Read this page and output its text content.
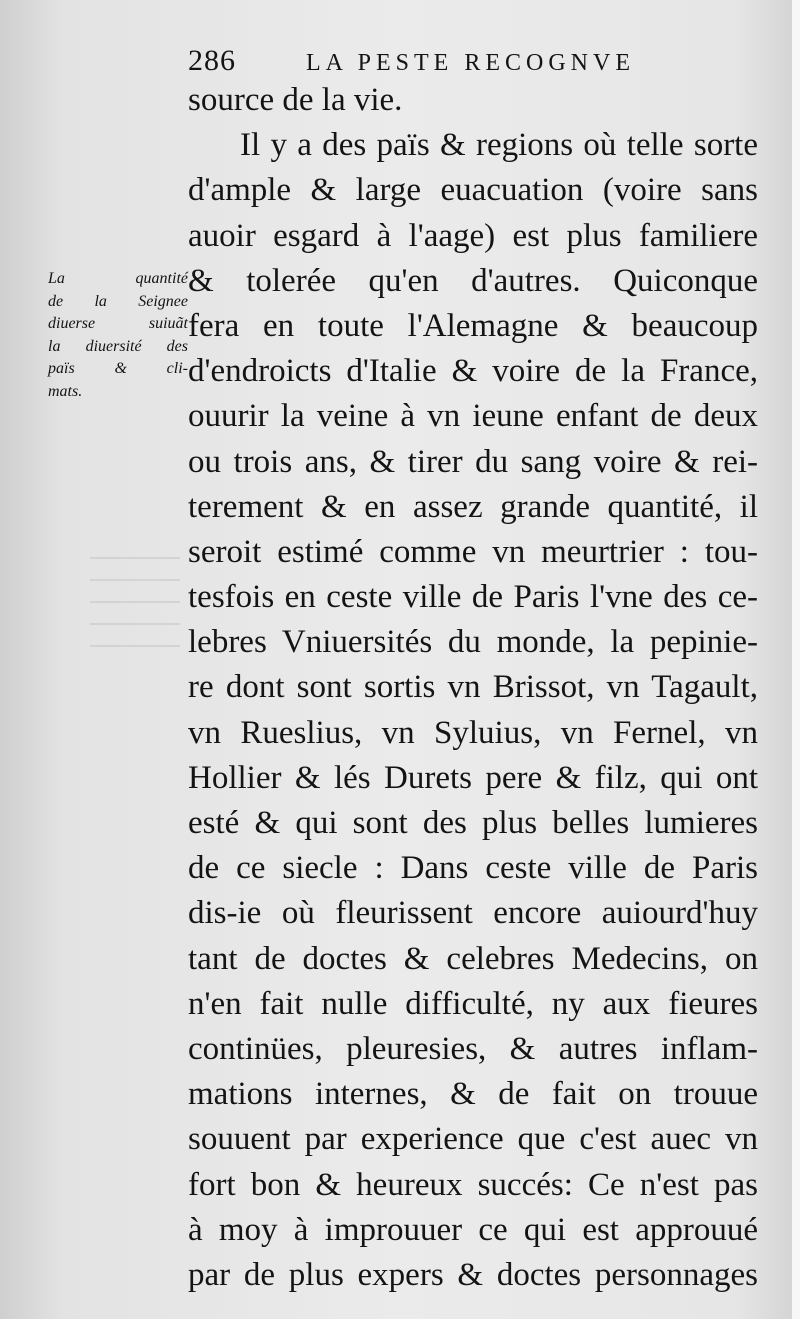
286	LA PESTE RECOGNVE
La quantité
de la Seignee
diuerse suiuãt
la diuersité des
païs & cli-
mats.
source de la vie.
Il y a des païs & regions où telle sorte
d'ample & large euacuation (voire sans
auoir esgard à l'aage) est plus familiere
& tolerée qu'en d'autres. Quiconque
fera en toute l'Alemagne & beaucoup
d'endroicts d'Italie & voire de la France,
ouurir la veine à vn ieune enfant de deux
ou trois ans, & tirer du sang voire & rei-
terement & en assez grande quantité, il
seroit estimé comme vn meurtrier : tou-
tesfois en ceste ville de Paris l'vne des ce-
lebres Vniuersités du monde, la pepinie-
re dont sont sortis vn Brissot, vn Tagault,
vn Rueslius, vn Syluius, vn Fernel, vn
Hollier & lés Durets pere & filz, qui ont
esté & qui sont des plus belles lumieres
de ce siecle : Dans ceste ville de Paris
dis-ie où fleurissent encore auiourd'huy
tant de doctes & celebres Medecins, on
n'en fait nulle difficulté, ny aux fieures
continües, pleuresies, & autres inflam-
mations internes, & de fait on trouue
souuent par experience que c'est auec vn
fort bon & heureux succés: Ce n'est pas
à moy à improuuer ce qui est approuué
par de plus expers & doctes personnages
